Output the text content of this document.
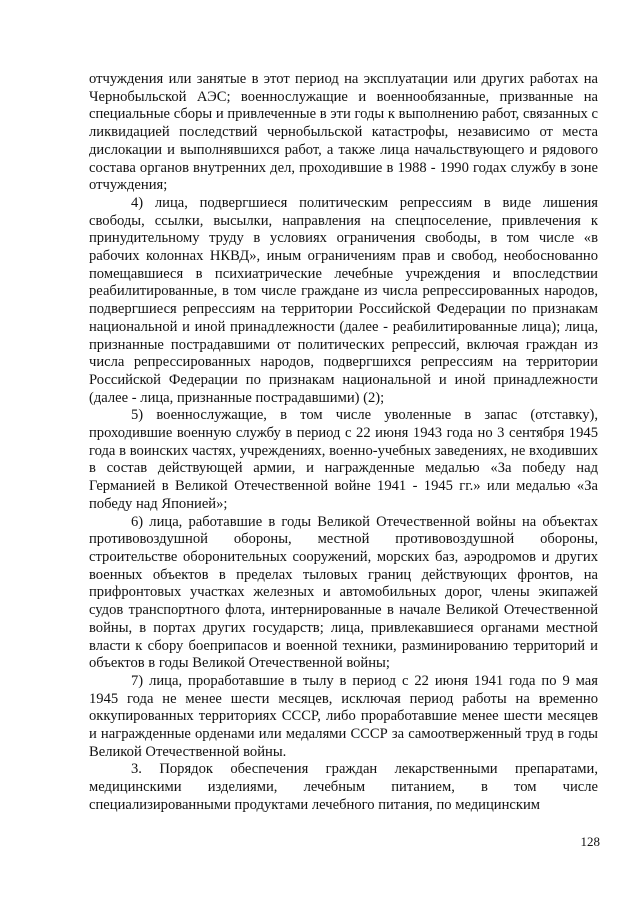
отчуждения или занятые в этот период на эксплуатации или других работах на Чернобыльской АЭС; военнослужащие и военнообязанные, призванные на специальные сборы и привлеченные в эти годы к выполнению работ, связанных с ликвидацией последствий чернобыльской катастрофы, независимо от места дислокации и выполнявшихся работ, а также лица начальствующего и рядового состава органов внутренних дел, проходившие в 1988 - 1990 годах службу в зоне отчуждения;

4) лица, подвергшиеся политическим репрессиям в виде лишения свободы, ссылки, высылки, направления на спецпоселение, привлечения к принудительному труду в условиях ограничения свободы, в том числе «в рабочих колоннах НКВД», иным ограничениям прав и свобод, необоснованно помещавшиеся в психиатрические лечебные учреждения и впоследствии реабилитированные, в том числе граждане из числа репрессированных народов, подвергшиеся репрессиям на территории Российской Федерации по признакам национальной и иной принадлежности (далее - реабилитированные лица); лица, признанные пострадавшими от политических репрессий, включая граждан из числа репрессированных народов, подвергшихся репрессиям на территории Российской Федерации по признакам национальной и иной принадлежности (далее - лица, признанные пострадавшими) (2);

5) военнослужащие, в том числе уволенные в запас (отставку), проходившие военную службу в период с 22 июня 1943 года но 3 сентября 1945 года в воинских частях, учреждениях, военно-учебных заведениях, не входивших в состав действующей армии, и награжденные медалью «За победу над Германией в Великой Отечественной войне 1941 - 1945 гг.» или медалью «За победу над Японией»;

6) лица, работавшие в годы Великой Отечественной войны на объектах противовоздушной обороны, местной противовоздушной обороны, строительстве оборонительных сооружений, морских баз, аэродромов и других военных объектов в пределах тыловых границ действующих фронтов, на прифронтовых участках железных и автомобильных дорог, члены экипажей судов транспортного флота, интернированные в начале Великой Отечественной войны, в портах других государств; лица, привлекавшиеся органами местной власти к сбору боеприпасов и военной техники, разминированию территорий и объектов в годы Великой Отечественной войны;

7) лица, проработавшие в тылу в период с 22 июня 1941 года по 9 мая 1945 года не менее шести месяцев, исключая период работы на временно оккупированных территориях СССР, либо проработавшие менее шести месяцев и награжденные орденами или медалями СССР за самоотверженный труд в годы Великой Отечественной войны.

3. Порядок обеспечения граждан лекарственными препаратами, медицинскими изделиями, лечебным питанием, в том числе специализированными продуктами лечебного питания, по медицинским

128
